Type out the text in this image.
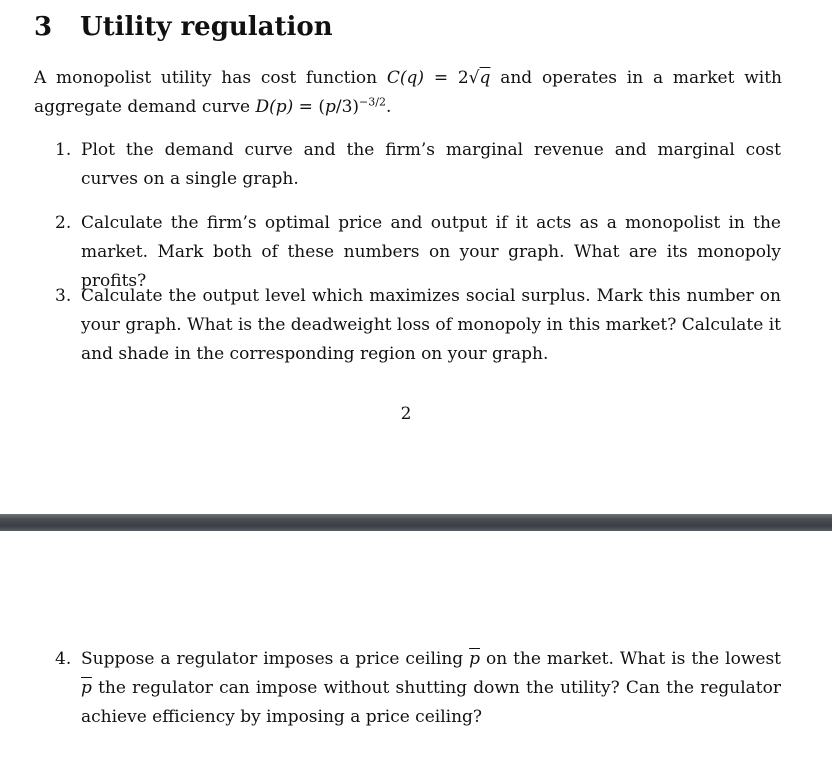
3 Utility regulation
A monopolist utility has cost function C(q) = 2√q and operates in a market with aggregate demand curve $D(p) = (p/3)^{-3/2}$.
1. Plot the demand curve and the firm’s marginal revenue and marginal cost curves on a single graph.
2. Calculate the firm’s optimal price and output if it acts as a monopolist in the market. Mark both of these numbers on your graph. What are its monopoly profits?
3. Calculate the output level which maximizes social surplus. Mark this number on your graph. What is the deadweight loss of monopoly in this market? Calculate it and shade in the corresponding region on your graph.
2
4. Suppose a regulator imposes a price ceiling $\overline{p}$ on the market. What is the lowest $\overline{p}$ the regulator can impose without shutting down the utility? Can the regulator achieve efficiency by imposing a price ceiling?
